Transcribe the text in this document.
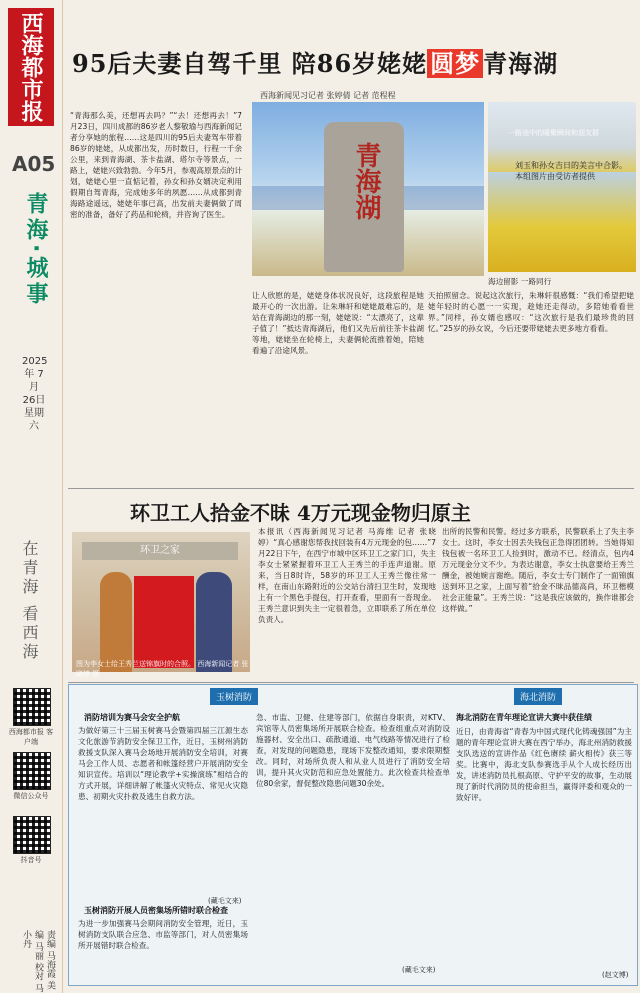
西海都市报
A05
青海·城事
2025年 7月 26日 星期六
在青海 看西海
西海都市报 客户端
微信公众号
抖音号
责编 马海霞 美编 马丽 校对 马小丹
95后夫妻自驾千里 陪86岁姥姥 圆梦 青海湖
西海新闻见习记者 张婷倩 记者 范程程
“青海那么美，还想再去吗？”“去！还想再去！”7月23日，四川成都的86岁老人黎敬瑜与西海新闻记者分享她的旅程……这是四川的95后夫妻驾车带着86岁的姥姥，从成都出发，历时数日，行程一千余公里，来到青海湖、茶卡盐湖、塔尔寺等景点，一路上，姥姥兴致勃勃。今年5月，参观高原景点的计划，姥姥心里一直惦记着，孙女和孙女婿决定利用假期自驾青海，完成她多年的夙愿……从成都到青海路途遥远，姥姥年事已高，出发前夫妻俩做了周密的准备，备好了药品和轮椅，并咨询了医生。	青海湖
一路途中的暖聚瞬间和朋友群
刘玉和孙女吉日的美言中合影。 本组图片由受访者提供
让人欣慰的是，姥姥身体状况良好，这段旅程是她最开心的一次出游。让朱琳轩和姥姥最难忘的，是站在青海湖边的那一刻，姥姥说：“太漂亮了，这辈子值了！”抵达青海湖后，他们又先后前往茶卡盐湖等地，姥姥坐在轮椅上，夫妻俩轮流推着她，陪她看遍了沿途风景。
天拍照留念。说起这次旅行，朱琳轩很感慨：“我们希望把姥姥年轻时的心愿一一实现，趁她还走得动，多陪她看看世界。”同样，孙女婿也感叹：“这次旅行是我们最珍贵的回忆。”25岁的孙女说，今后还要带姥姥去更多地方看看。
海边留影 一路同行
环卫工人拾金不昧 4万元现金物归原主
环卫之家
图为李女士给王秀兰送锦旗时的合照。 西海新闻记者 张晓婷 摄
本报讯（西海新闻见习记者 马海维 记者 张晓婷）“真心感谢您帮我找回装有4万元现金的包……”7月22日下午，在西宁市城中区环卫工之家门口，失主李女士紧紧握着环卫工人王秀兰的手连声道谢。原来，当日8时许，58岁的环卫工人王秀兰像往常一样，在南山东路附近的公交站台清扫卫生时，发现地上有一个黑色手提包，打开查看，里面有一沓现金。王秀兰意识到失主一定很着急，立即联系了所在单位负责人。
出所的民警和民警。经过多方联系，民警联系上了失主李女士。这时，李女士因丢失钱包正急得团团转。当她得知钱包被一名环卫工人捡到时，激动不已。经清点，包内4万元现金分文不少。为表达谢意，李女士执意要给王秀兰酬金，被她婉言谢绝。随后，李女士专门制作了一面锦旗送到环卫之家，上面写着“拾金不昧品德高尚，环卫楷模社会正能量”。王秀兰说：“这是我应该做的，换作谁都会这样做。”
玉树消防	海北消防
消防培训为赛马会安全护航
为做好第三十三届玉树赛马会暨第四届三江源生态文化旅游节消防安全保卫工作，近日，玉树州消防救援支队深入赛马会场地开展消防安全培训，对赛马会工作人员、志愿者和帐篷经营户开展消防安全知识宣传。培训以“理论教学+实操演练”相结合的方式开展，详细讲解了帐篷火灾特点、常见火灾隐患、初期火灾扑救及逃生自救方法。
(藏毛文来)
玉树消防开展人员密集场所错时联合检查
为进一步加强赛马会期间消防安全管理，近日，玉树消防支队联合应急、市监等部门，对人员密集场所开展错时联合检查。
急、市监、卫健、住建等部门，依据自身职责，对KTV、宾馆等人员密集场所开展联合检查。检查组重点对消防设施器材、安全出口、疏散通道、电气线路等情况进行了检查，对发现的问题隐患，现场下发整改通知，要求限期整改。同时，对场所负责人和从业人员进行了消防安全培训，提升其火灾防范和应急处置能力。此次检查共检查单位80余家，督促整改隐患问题30余处。
(藏毛文来)
海北消防在青年理论宣讲大赛中获佳绩
近日，由青海省“青春为中国式现代化铸魂强国”为主题的青年理论宣讲大赛在西宁举办，海北州消防救援支队选送的宣讲作品《红色赓续 薪火相传》获三等奖。比赛中，海北支队参赛选手从个人成长经历出发，讲述消防员扎根高原、守护平安的故事，生动展现了新时代消防员的使命担当，赢得评委和观众的一致好评。
(赵文博)
